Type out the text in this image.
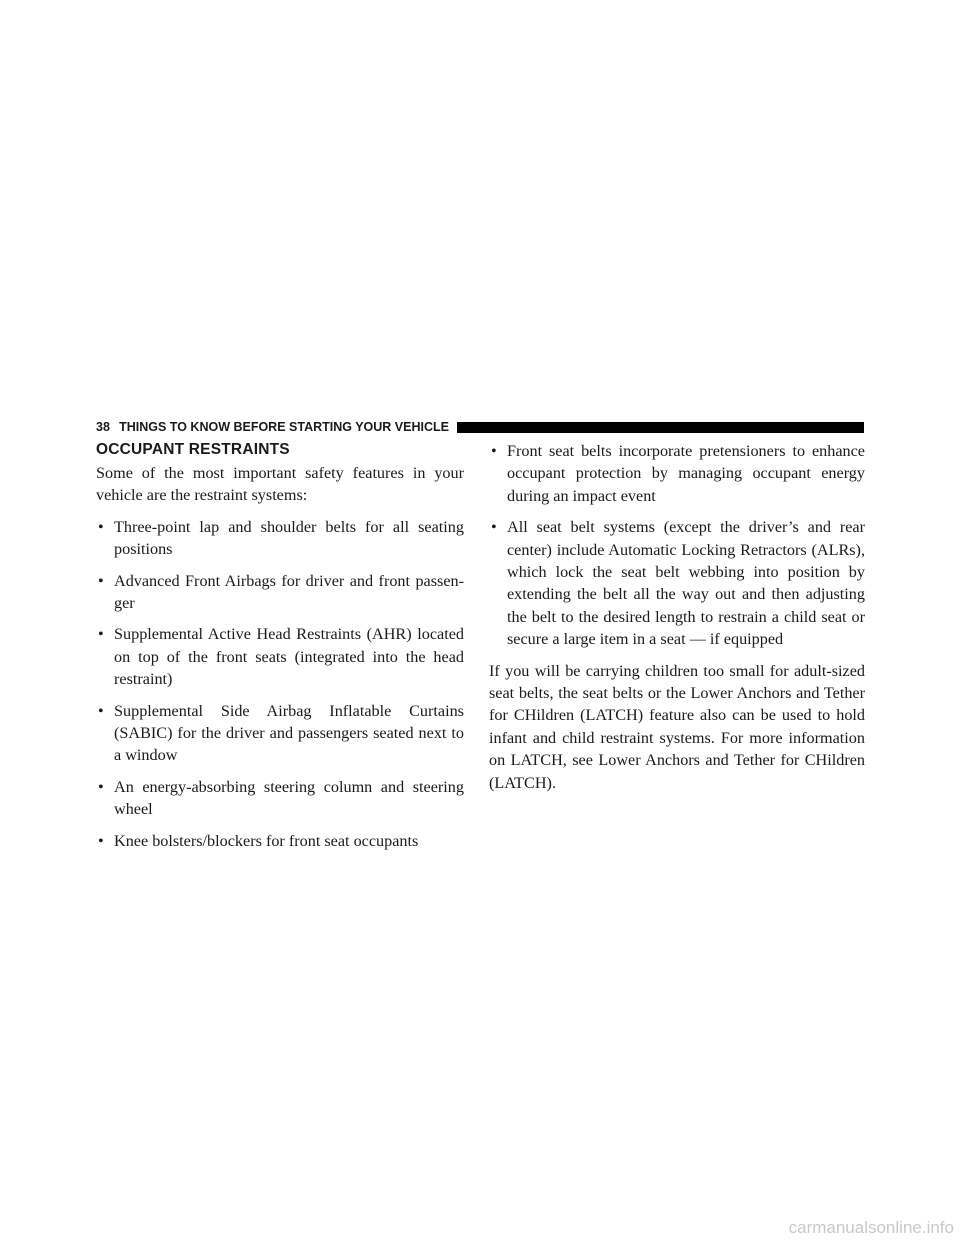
38 THINGS TO KNOW BEFORE STARTING YOUR VEHICLE
OCCUPANT RESTRAINTS

Some of the most important safety features in your vehicle are the restraint systems:

• Three-point lap and shoulder belts for all seating positions
• Advanced Front Airbags for driver and front passen-ger
• Supplemental Active Head Restraints (AHR) located on top of the front seats (integrated into the head restraint)
• Supplemental Side Airbag Inflatable Curtains (SABIC) for the driver and passengers seated next to a window
• An energy-absorbing steering column and steering wheel
• Knee bolsters/blockers for front seat occupants
• Front seat belts incorporate pretensioners to enhance occupant protection by managing occupant energy during an impact event
• All seat belt systems (except the driver’s and rear center) include Automatic Locking Retractors (ALRs), which lock the seat belt webbing into position by extending the belt all the way out and then adjusting the belt to the desired length to restrain a child seat or secure a large item in a seat — if equipped

If you will be carrying children too small for adult-sized seat belts, the seat belts or the Lower Anchors and Tether for CHildren (LATCH) feature also can be used to hold infant and child restraint systems. For more information on LATCH, see Lower Anchors and Tether for CHildren (LATCH).

carmanualsonline.info
